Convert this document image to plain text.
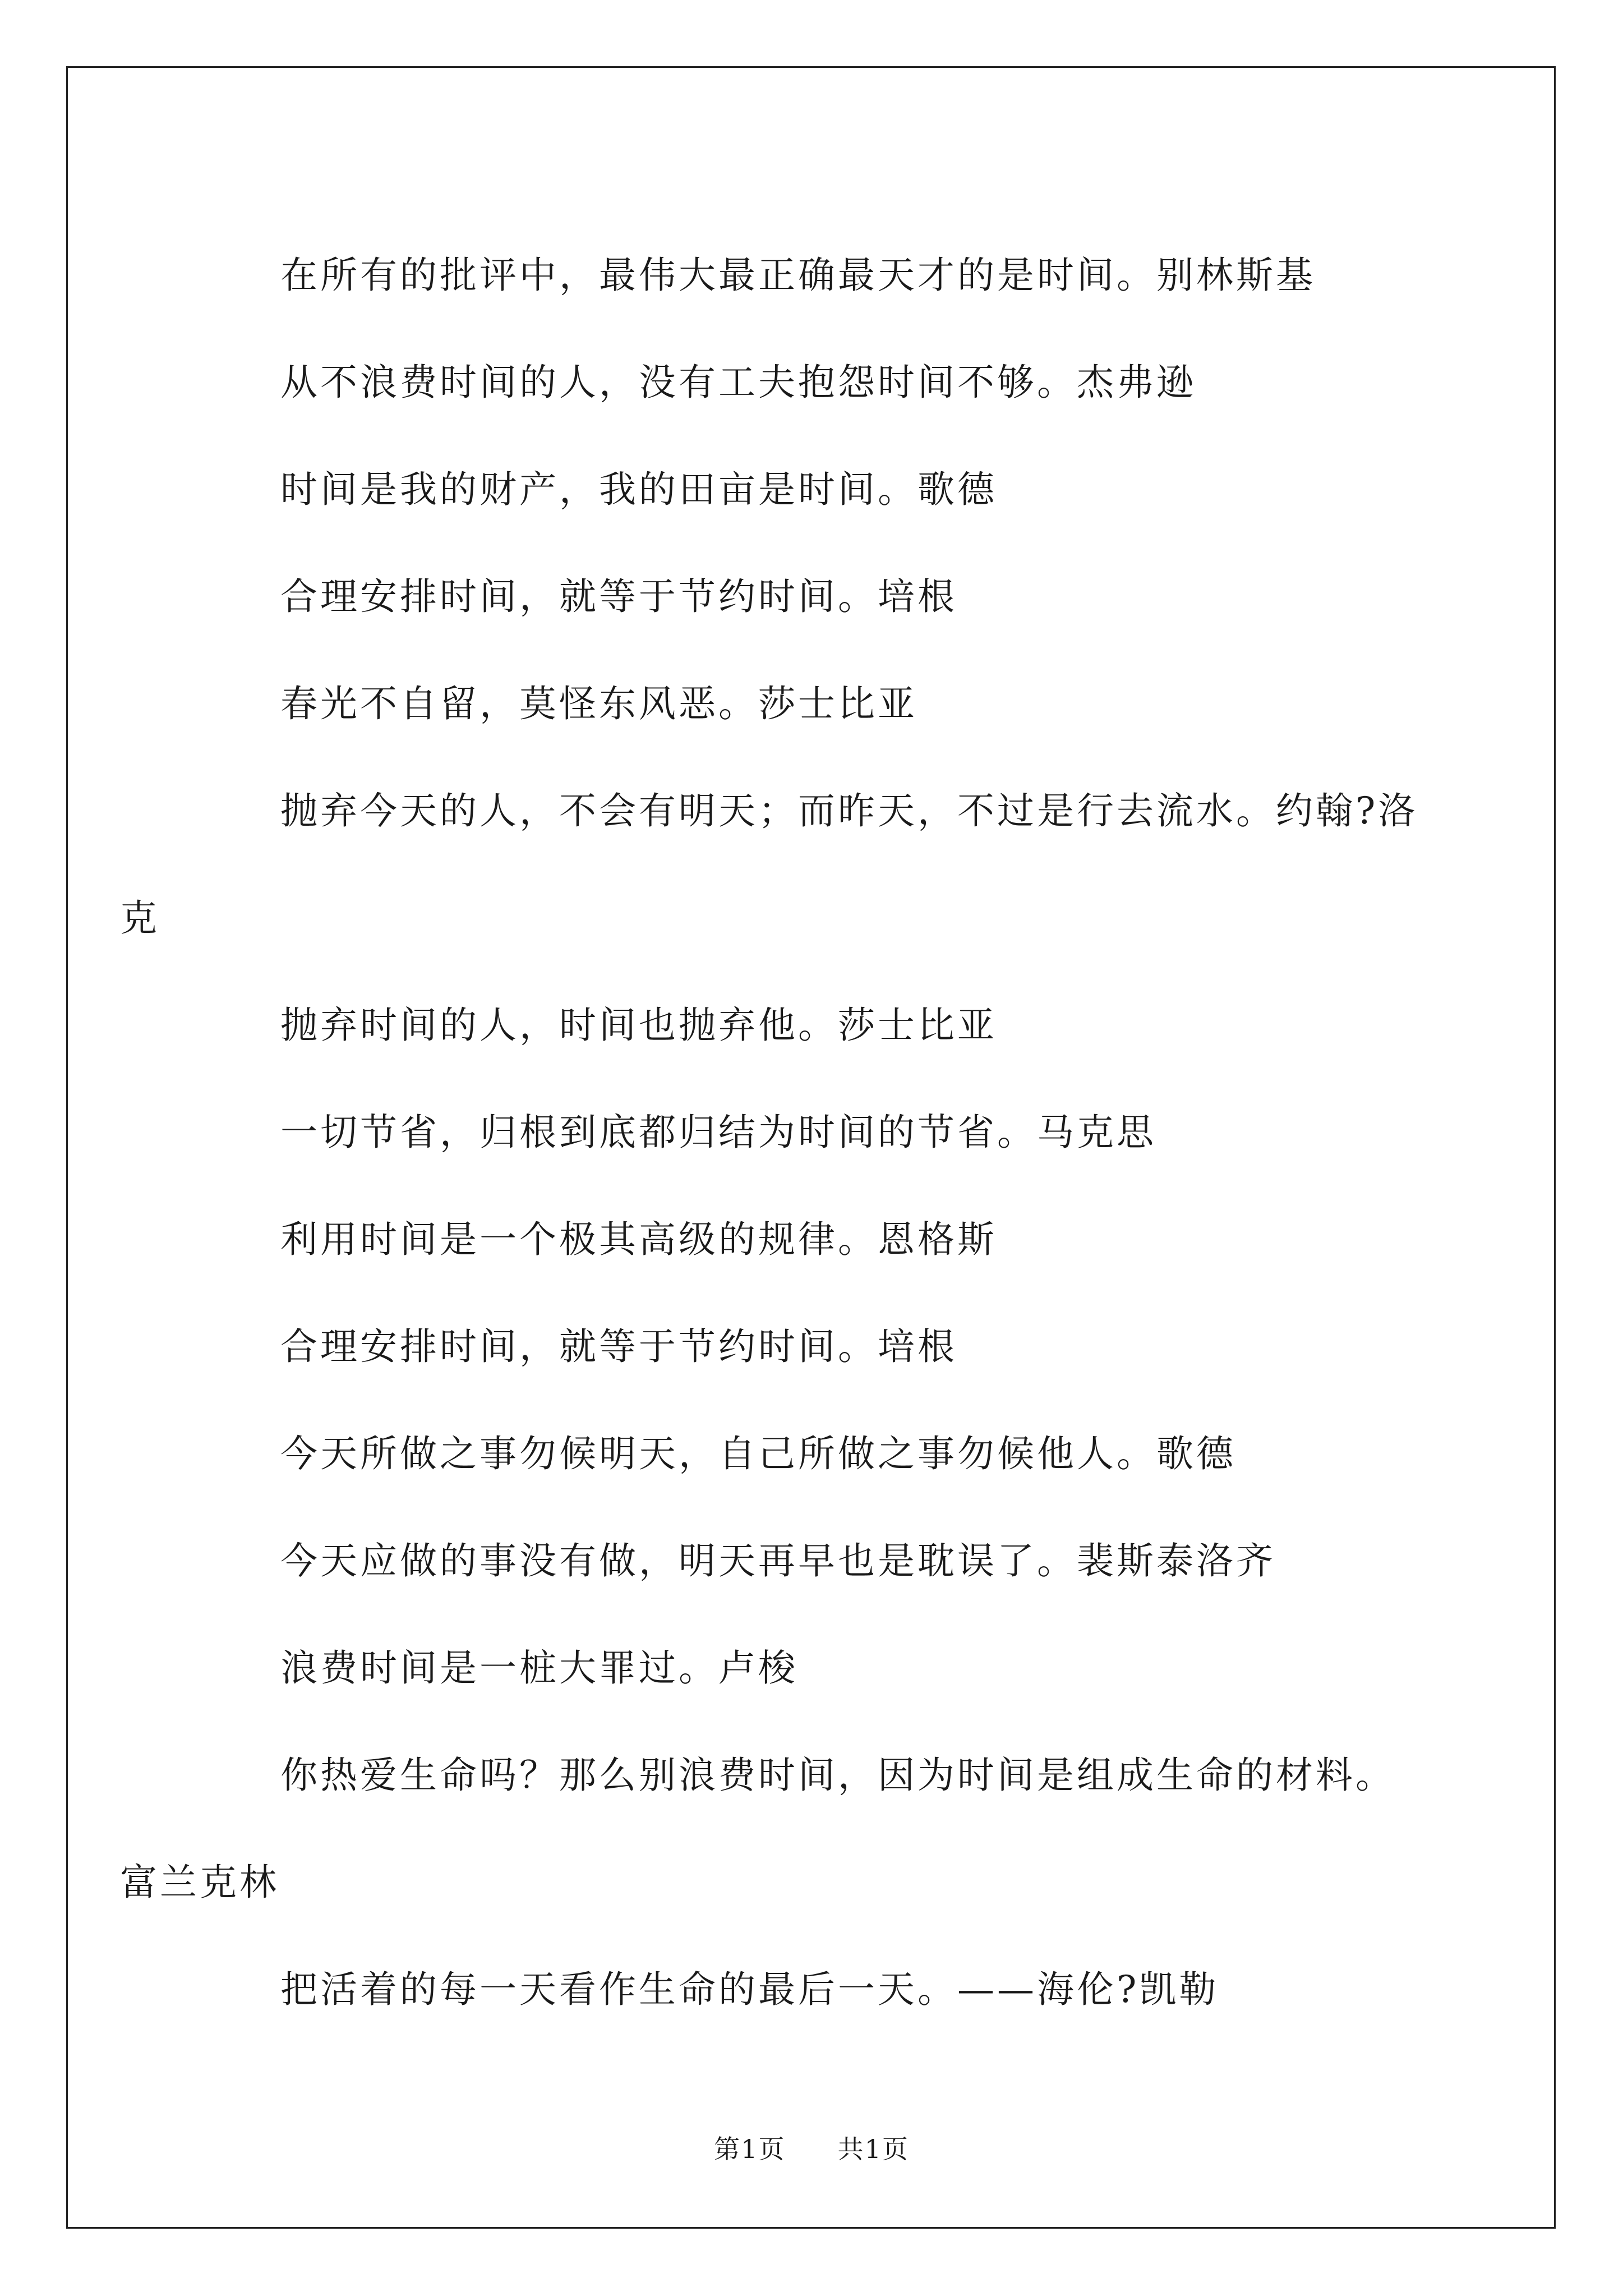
在所有的批评中，最伟大最正确最天才的是时间。别林斯基

从不浪费时间的人，没有工夫抱怨时间不够。杰弗逊

时间是我的财产，我的田亩是时间。歌德

合理安排时间，就等于节约时间。培根

春光不自留，莫怪东风恶。莎士比亚

抛弃今天的人，不会有明天；而昨天，不过是行去流水。约翰?洛

克

抛弃时间的人，时间也抛弃他。莎士比亚

一切节省，归根到底都归结为时间的节省。马克思

利用时间是一个极其高级的规律。恩格斯

合理安排时间，就等于节约时间。培根

今天所做之事勿候明天，自己所做之事勿候他人。歌德

今天应做的事没有做，明天再早也是耽误了。裴斯泰洛齐

浪费时间是一桩大罪过。卢梭

你热爱生命吗？那么别浪费时间，因为时间是组成生命的材料。

富兰克林

把活着的每一天看作生命的最后一天。——海伦?凯勒

第1页 共1页
